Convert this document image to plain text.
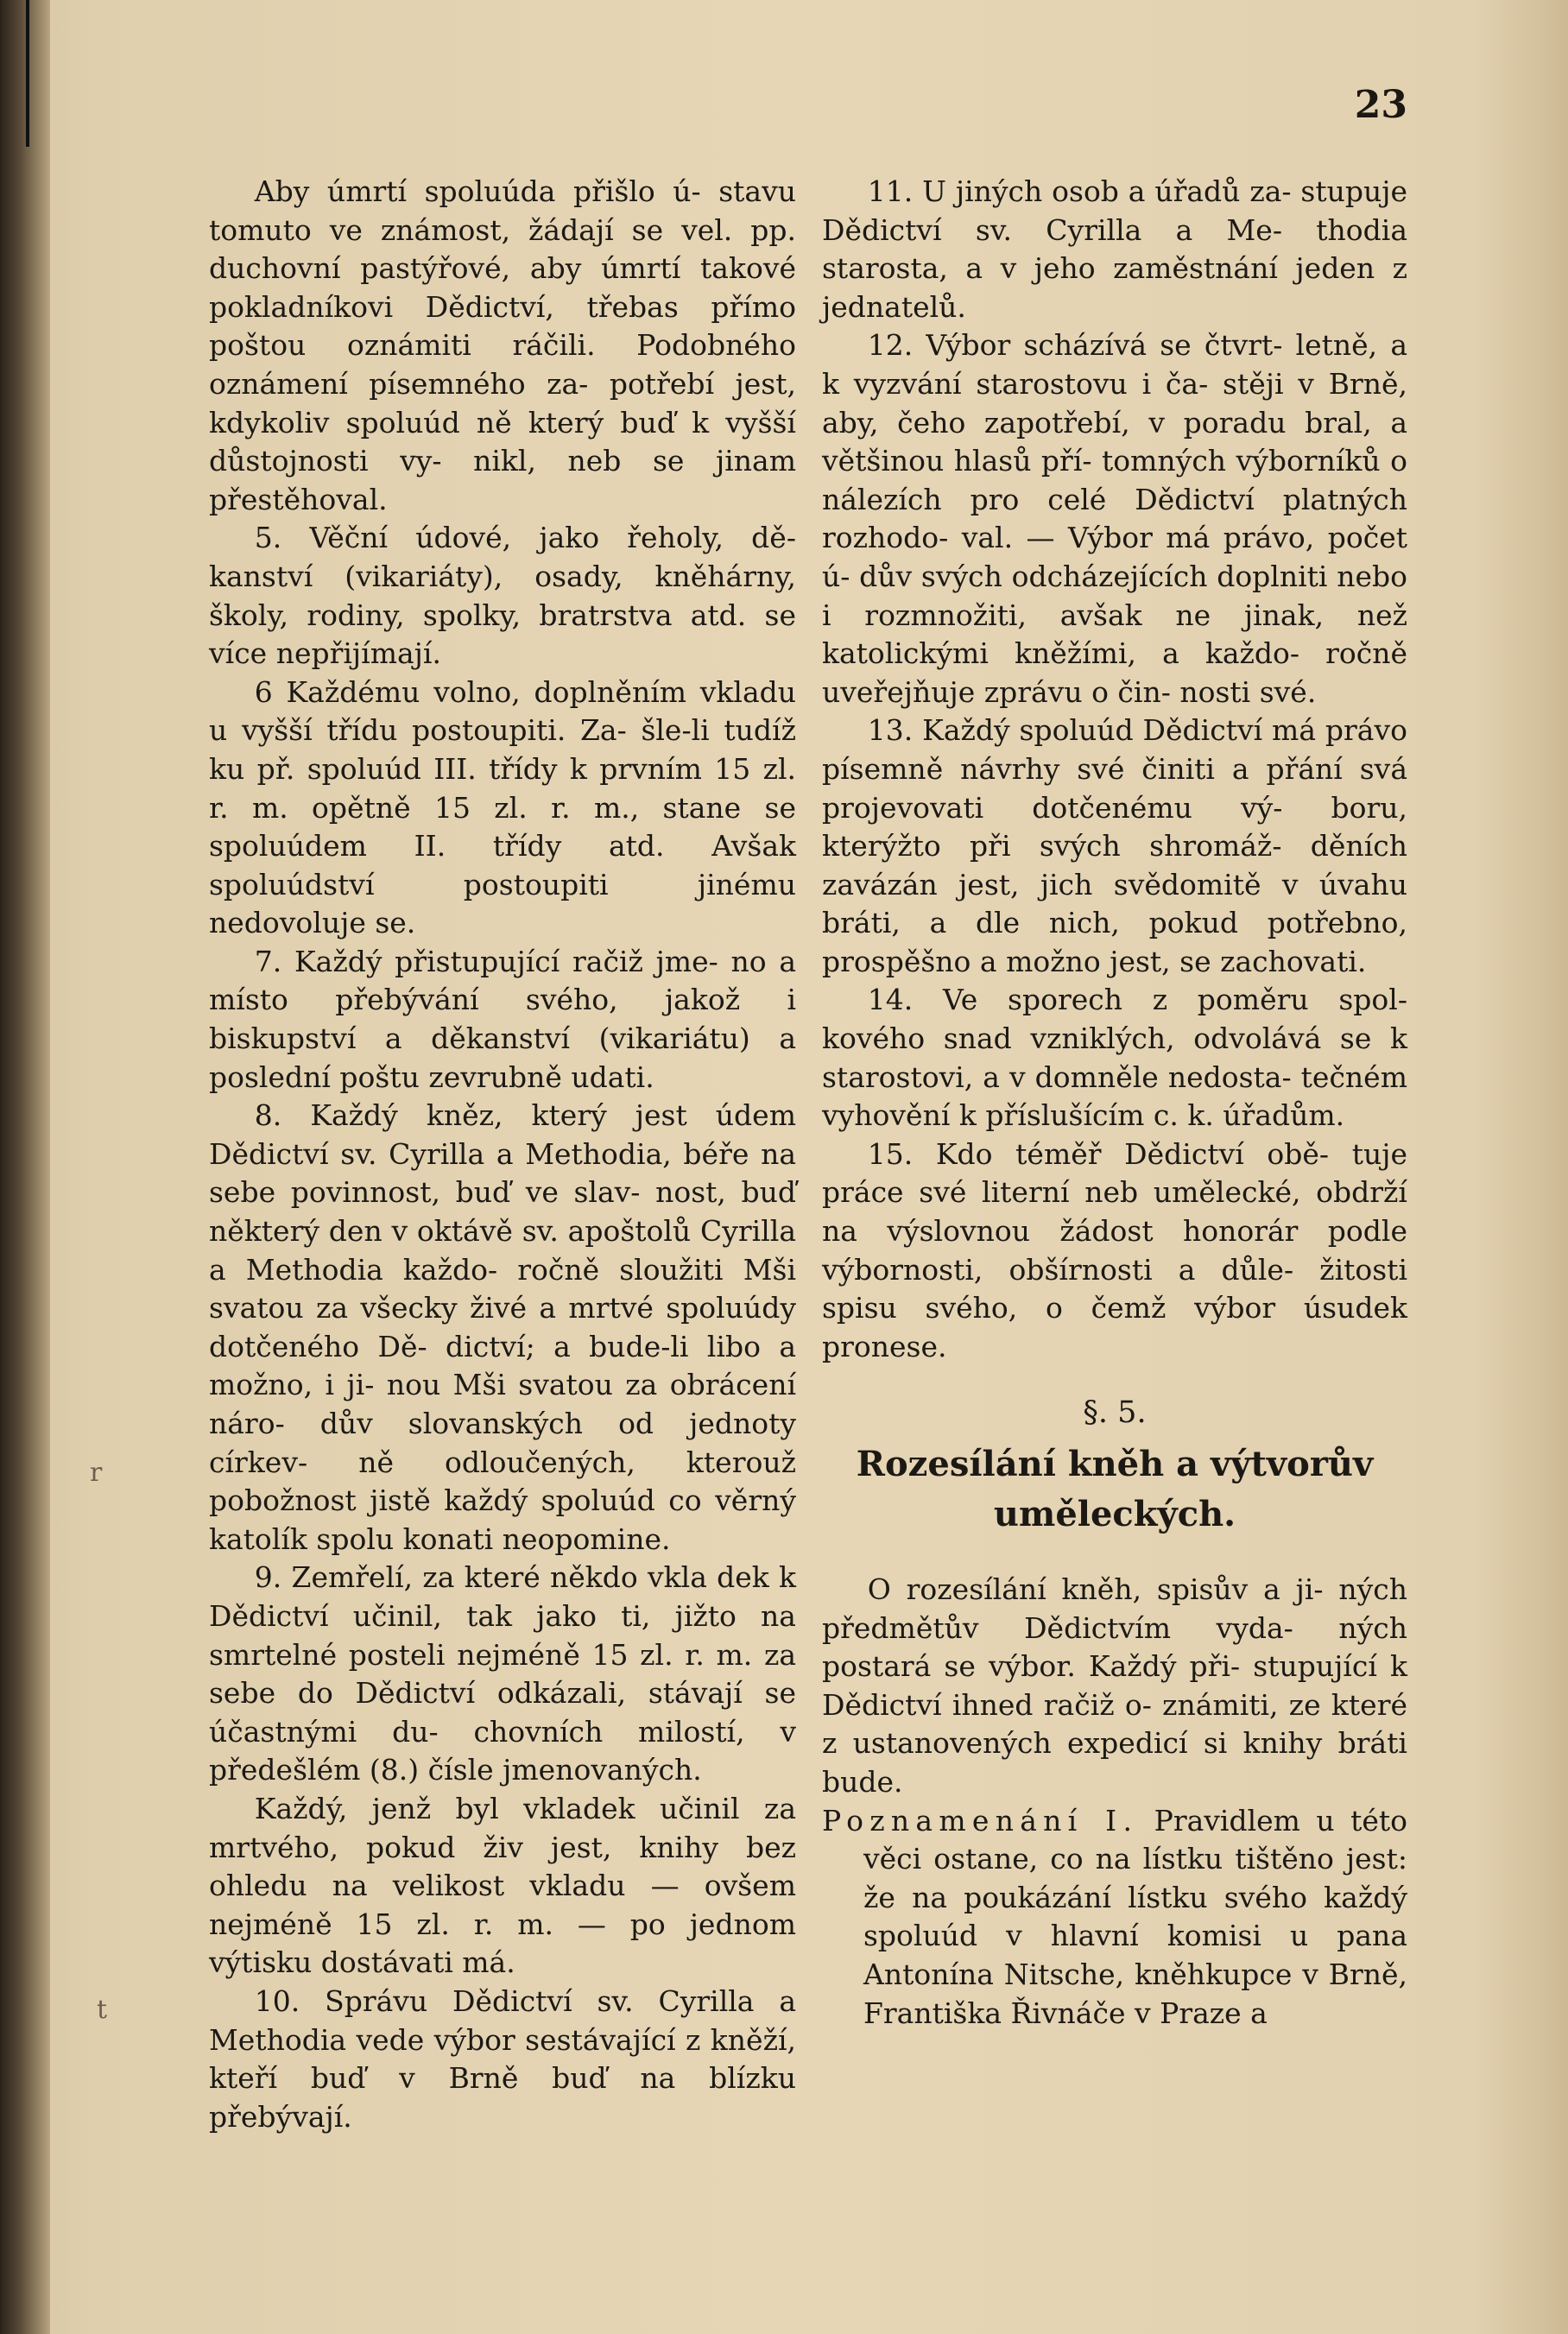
23
r
t

Aby úmrtí spoluúda přišlo ú- stavu tomuto ve známost, žádají se vel. pp. duchovní pastýřové, aby úmrtí takové pokladníkovi Dědictví, třebas přímo poštou oznámiti ráčili. Podobného oznámení písemného za- potřebí jest, kdykoliv spoluúd ně který buď k vyšší důstojnosti vy- nikl, neb se jinam přestěhoval.

5. Věční údové, jako řeholy, dě- kanství (vikariáty), osady, kněhárny, školy, rodiny, spolky, bratrstva atd. se více nepřijímají.

6 Každému volno, doplněním vkladu u vyšší třídu postoupiti. Za- šle-li tudíž ku př. spoluúd III. třídy k prvním 15 zl. r. m. opětně 15 zl. r. m., stane se spoluúdem II. třídy atd. Avšak spoluúdství postoupiti jinému nedovoluje se.

7. Každý přistupující račiž jme- no a místo přebývání svého, jakož i biskupství a děkanství (vikariátu) a poslední poštu zevrubně udati.

8. Každý kněz, který jest údem Dědictví sv. Cyrilla a Methodia, béře na sebe povinnost, buď ve slav- nost, buď některý den v oktávě sv. apoštolů Cyrilla a Methodia každo- ročně sloužiti Mši svatou za všecky živé a mrtvé spoluúdy dotčeného Dě- dictví; a bude-li libo a možno, i ji- nou Mši svatou za obrácení náro- dův slovanských od jednoty církev- ně odloučených, kterouž pobožnost jistě každý spoluúd co věrný katolík spolu konati neopomine.

9. Zemřelí, za které někdo vkla dek k Dědictví učinil, tak jako ti, jižto na smrtelné posteli nejméně 15 zl. r. m. za sebe do Dědictví odkázali, stávají se účastnými du- chovních milostí, v předešlém (8.) čísle jmenovaných.

Každý, jenž byl vkladek učinil za mrtvého, pokud živ jest, knihy bez ohledu na velikost vkladu — ovšem nejméně 15 zl. r. m. — po jednom výtisku dostávati má.

10. Správu Dědictví sv. Cyrilla a Methodia vede výbor sestávající z kněží, kteří buď v Brně buď na blízku přebývají.

11. U jiných osob a úřadů za- stupuje Dědictví sv. Cyrilla a Me- thodia starosta, a v jeho zaměstnání jeden z jednatelů.

12. Výbor scházívá se čtvrt- letně, a k vyzvání starostovu i ča- stěji v Brně, aby, čeho zapotřebí, v poradu bral, a většinou hlasů pří- tomných výborníků o nálezích pro celé Dědictví platných rozhodo- val. — Výbor má právo, počet ú- dův svých odcházejících doplniti nebo i rozmnožiti, avšak ne jinak, než katolickými kněžími, a každo- ročně uveřejňuje zprávu o čin- nosti své.

13. Každý spoluúd Dědictví má právo písemně návrhy své činiti a přání svá projevovati dotčenému vý- boru, kterýžto při svých shromáž- děních zavázán jest, jich svědomitě v úvahu bráti, a dle nich, pokud potřebno, prospěšno a možno jest, se zachovati.

14. Ve sporech z poměru spol- kového snad vzniklých, odvolává se k starostovi, a v domněle nedosta- tečném vyhovění k příslušícím c. k. úřadům.

15. Kdo téměř Dědictví obě- tuje práce své literní neb umělecké, obdrží na výslovnou žádost honorár podle výbornosti, obšírnosti a důle- žitosti spisu svého, o čemž výbor úsudek pronese.

§. 5.

Rozesílání kněh a výtvorův uměleckých.

O rozesílání kněh, spisův a ji- ných předmětův Dědictvím vyda- ných postará se výbor. Každý při- stupující k Dědictví ihned račiž o- známiti, ze které z ustanovených expedicí si knihy bráti bude.

Poznamenání I. Pravidlem u této věci ostane, co na lístku tištěno jest: že na poukázání lístku svého každý spoluúd v hlavní komisi u pana Antonína Nitsche, kněhkupce v Brně, Františka Řivnáče v Praze a
